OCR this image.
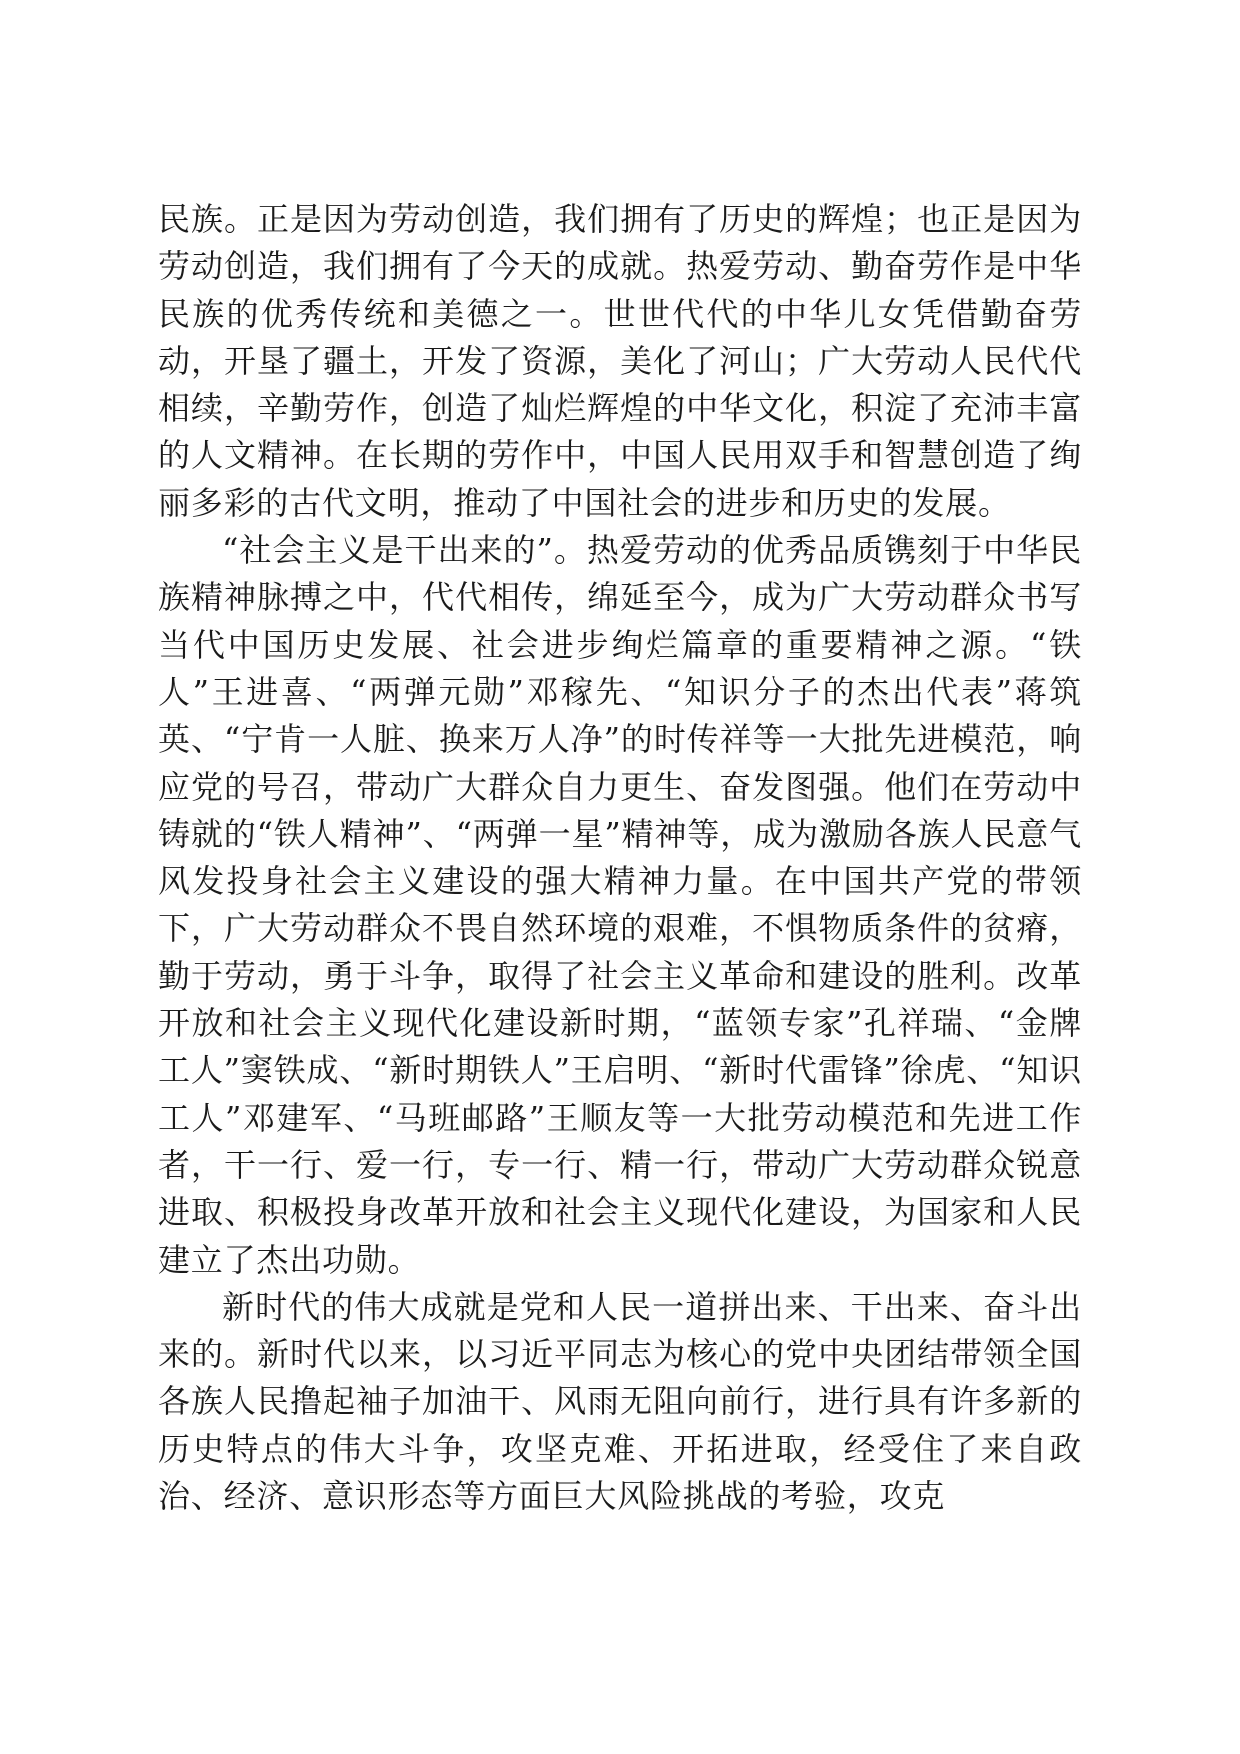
民族。正是因为劳动创造，我们拥有了历史的辉煌；也正是因为劳动创造，我们拥有了今天的成就。热爱劳动、勤奋劳作是中华民族的优秀传统和美德之一。世世代代的中华儿女凭借勤奋劳动，开垦了疆土，开发了资源，美化了河山；广大劳动人民代代相续，辛勤劳作，创造了灿烂辉煌的中华文化，积淀了充沛丰富的人文精神。在长期的劳作中，中国人民用双手和智慧创造了绚丽多彩的古代文明，推动了中国社会的进步和历史的发展。

“社会主义是干出来的”。热爱劳动的优秀品质镌刻于中华民族精神脉搏之中，代代相传，绵延至今，成为广大劳动群众书写当代中国历史发展、社会进步绚烂篇章的重要精神之源。“铁人”王进喜、“两弹元勋”邓稼先、“知识分子的杰出代表”蒋筑英、“宁肯一人脏、换来万人净”的时传祥等一大批先进模范，响应党的号召，带动广大群众自力更生、奋发图强。他们在劳动中铸就的“铁人精神”、“两弹一星”精神等，成为激励各族人民意气风发投身社会主义建设的强大精神力量。在中国共产党的带领下，广大劳动群众不畏自然环境的艰难，不惧物质条件的贫瘠，勤于劳动，勇于斗争，取得了社会主义革命和建设的胜利。改革开放和社会主义现代化建设新时期，“蓝领专家”孔祥瑞、“金牌工人”窦铁成、“新时期铁人”王启明、“新时代雷锋”徐虎、“知识工人”邓建军、“马班邮路”王顺友等一大批劳动模范和先进工作者，干一行、爱一行，专一行、精一行，带动广大劳动群众锐意进取、积极投身改革开放和社会主义现代化建设，为国家和人民建立了杰出功勋。

新时代的伟大成就是党和人民一道拼出来、干出来、奋斗出来的。新时代以来，以习近平同志为核心的党中央团结带领全国各族人民撸起袖子加油干、风雨无阻向前行，进行具有许多新的历史特点的伟大斗争，攻坚克难、开拓进取，经受住了来自政治、经济、意识形态等方面巨大风险挑战的考验，攻克
